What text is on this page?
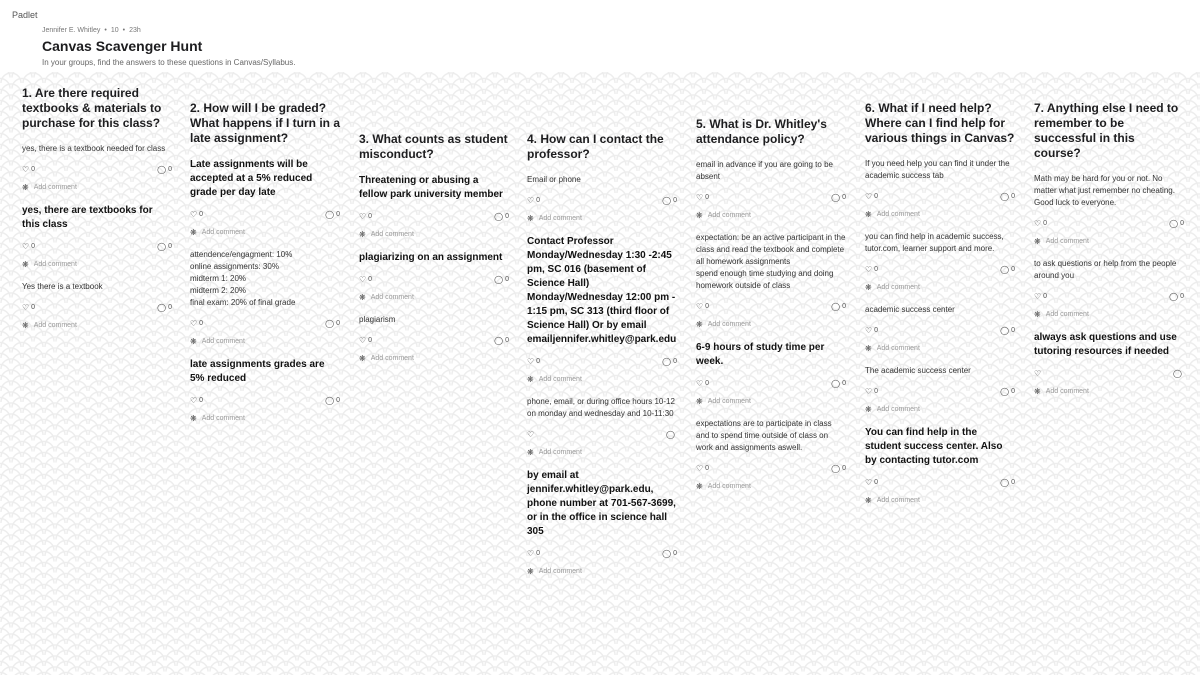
Padlet
Jennifer E. Whitley • 10 • 23h
Canvas Scavenger Hunt
In your groups, find the answers to these questions in Canvas/Syllabus.
1. Are there required textbooks & materials to purchase for this class?
yes, there is a textbook needed for class
♡ 0	◯ 0
❋ Add comment
yes, there are textbooks for this class
♡ 0	◯ 0
❋ Add comment
Yes there is a textbook
♡ 0	◯ 0
❋ Add comment
2. How will I be graded? What happens if I turn in a late assignment?
Late assignments will be accepted at a 5% reduced grade per day late
♡ 0	◯ 0
❋ Add comment
attendence/engagment: 10%
online assignments: 30%
midterm 1: 20%
midterm 2: 20%
final exam: 20% of final grade
♡ 0	◯ 0
❋ Add comment
late assignments grades are 5% reduced
♡ 0	◯ 0
❋ Add comment
3. What counts as student misconduct?
Threatening or abusing a fellow park university member
♡ 0	◯ 0
❋ Add comment
plagiarizing on an assignment
♡ 0	◯ 0
❋ Add comment
plagiarism
♡ 0	◯ 0
❋ Add comment
4. How can I contact the professor?
Email or phone
♡ 0	◯ 0
❋ Add comment
Contact Professor Monday/Wednesday 1:30 -2:45 pm, SC 016 (basement of Science Hall) Monday/Wednesday 12:00 pm - 1:15 pm, SC 313 (third floor of Science Hall) Or by email emailjennifer.whitley@park.edu
♡ 0	◯ 0
❋ Add comment
phone, email, or during office hours 10-12 on monday and wednesday and 10-11:30
♡	◯
❋ Add comment
by email at jennifer.whitley@park.edu, phone number at 701-567-3699, or in the office in science hall 305
♡ 0	◯ 0
❋ Add comment
5. What is Dr. Whitley's attendance policy?
email in advance if you are going to be absent
♡ 0	◯ 0
❋ Add comment
expectation: be an active participant in the class and read the textbook and complete all homework assignments
spend enough time studying and doing homework outside of class
♡ 0	◯ 0
❋ Add comment
6-9 hours of study time per week.
♡ 0	◯ 0
❋ Add comment
expectations are to participate in class and to spend time outside of class on work and assignments aswell.
♡ 0	◯ 0
❋ Add comment
6. What if I need help? Where can I find help for various things in Canvas?
If you need help you can find it under the academic success tab
♡ 0	◯ 0
❋ Add comment
you can find help in academic success, tutor.com, learner support and more.
♡ 0	◯ 0
❋ Add comment
academic success center
♡ 0	◯ 0
❋ Add comment
The academic success center
♡ 0	◯ 0
❋ Add comment
You can find help in the student success center. Also by contacting tutor.com
♡ 0	◯ 0
❋ Add comment
7. Anything else I need to remember to be successful in this course?
Math may be hard for you or not. No matter what just remember no cheating. Good luck to everyone.
♡ 0	◯ 0
❋ Add comment
to ask questions or help from the people around you
♡ 0	◯ 0
❋ Add comment
always ask questions and use tutoring resources if needed
♡	◯
❋ Add comment
